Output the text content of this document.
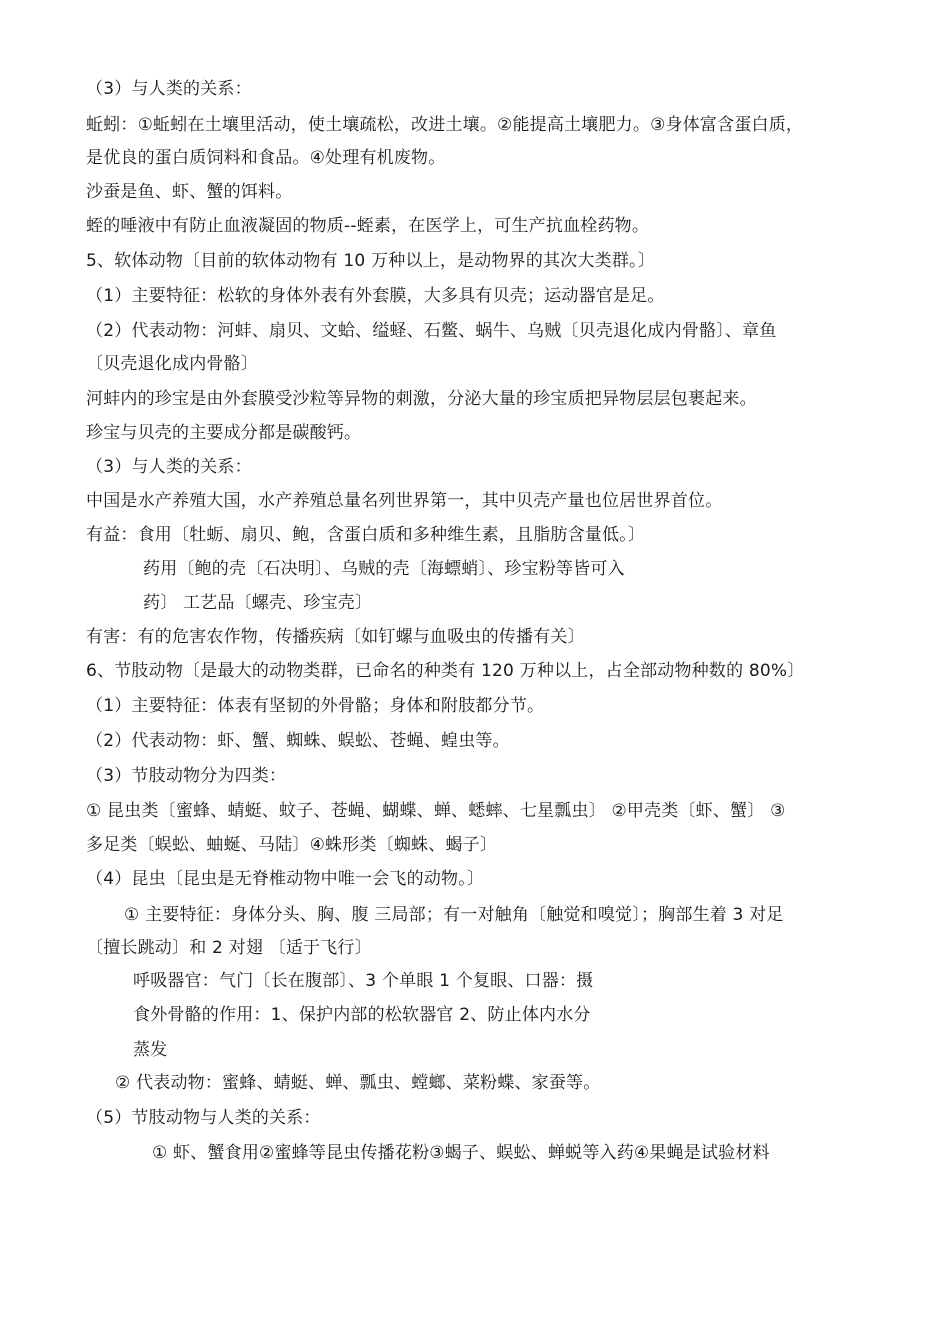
（3）与人类的关系：
蚯蚓：①蚯蚓在土壤里活动，使土壤疏松，改进土壤。②能提高土壤肥力。③身体富含蛋白质，
是优良的蛋白质饲料和食品。④处理有机废物。
沙蚕是鱼、虾、蟹的饵料。
蛭的唾液中有防止血液凝固的物质--蛭素，在医学上，可生产抗血栓药物。
5、软体动物〔目前的软体动物有 10 万种以上，是动物界的其次大类群。〕
（1）主要特征：松软的身体外表有外套膜，大多具有贝壳；运动器官是足。
（2）代表动物：河蚌、扇贝、文蛤、缢蛏、石鳖、蜗牛、乌贼〔贝壳退化成内骨骼〕、章鱼
〔贝壳退化成内骨骼〕
河蚌内的珍宝是由外套膜受沙粒等异物的刺激，分泌大量的珍宝质把异物层层包裹起来。
珍宝与贝壳的主要成分都是碳酸钙。
（3）与人类的关系：
中国是水产养殖大国，水产养殖总量名列世界第一，其中贝壳产量也位居世界首位。
有益：食用〔牡蛎、扇贝、鲍，含蛋白质和多种维生素，且脂肪含量低。〕
药用〔鲍的壳〔石决明〕、乌贼的壳〔海螵蛸〕、珍宝粉等皆可入
药〕 工艺品〔螺壳、珍宝壳〕
有害：有的危害农作物，传播疾病〔如钉螺与血吸虫的传播有关〕
6、节肢动物〔是最大的动物类群，已命名的种类有 120 万种以上，占全部动物种数的 80%〕
（1）主要特征：体表有坚韧的外骨骼；身体和附肢都分节。
（2）代表动物：虾、蟹、蜘蛛、蜈蚣、苍蝇、蝗虫等。
（3）节肢动物分为四类：
① 昆虫类〔蜜蜂、蜻蜓、蚊子、苍蝇、蝴蝶、蝉、蟋蟀、七星瓢虫〕 ②甲壳类〔虾、蟹〕 ③
多足类〔蜈蚣、蚰蜒、马陆〕④蛛形类〔蜘蛛、蝎子〕
（4）昆虫〔昆虫是无脊椎动物中唯一会飞的动物。〕
① 主要特征：身体分头、胸、腹 三局部；有一对触角〔触觉和嗅觉〕；胸部生着 3 对足
〔擅长跳动〕和 2 对翅 〔适于飞行〕
呼吸器官：气门〔长在腹部〕、3 个单眼 1 个复眼、口器：摄
食外骨骼的作用：1、保护内部的松软器官 2、防止体内水分
蒸发
② 代表动物：蜜蜂、蜻蜓、蝉、瓢虫、螳螂、菜粉蝶、家蚕等。
（5）节肢动物与人类的关系：
① 虾、蟹食用②蜜蜂等昆虫传播花粉③蝎子、蜈蚣、蝉蜕等入药④果蝇是试验材料
